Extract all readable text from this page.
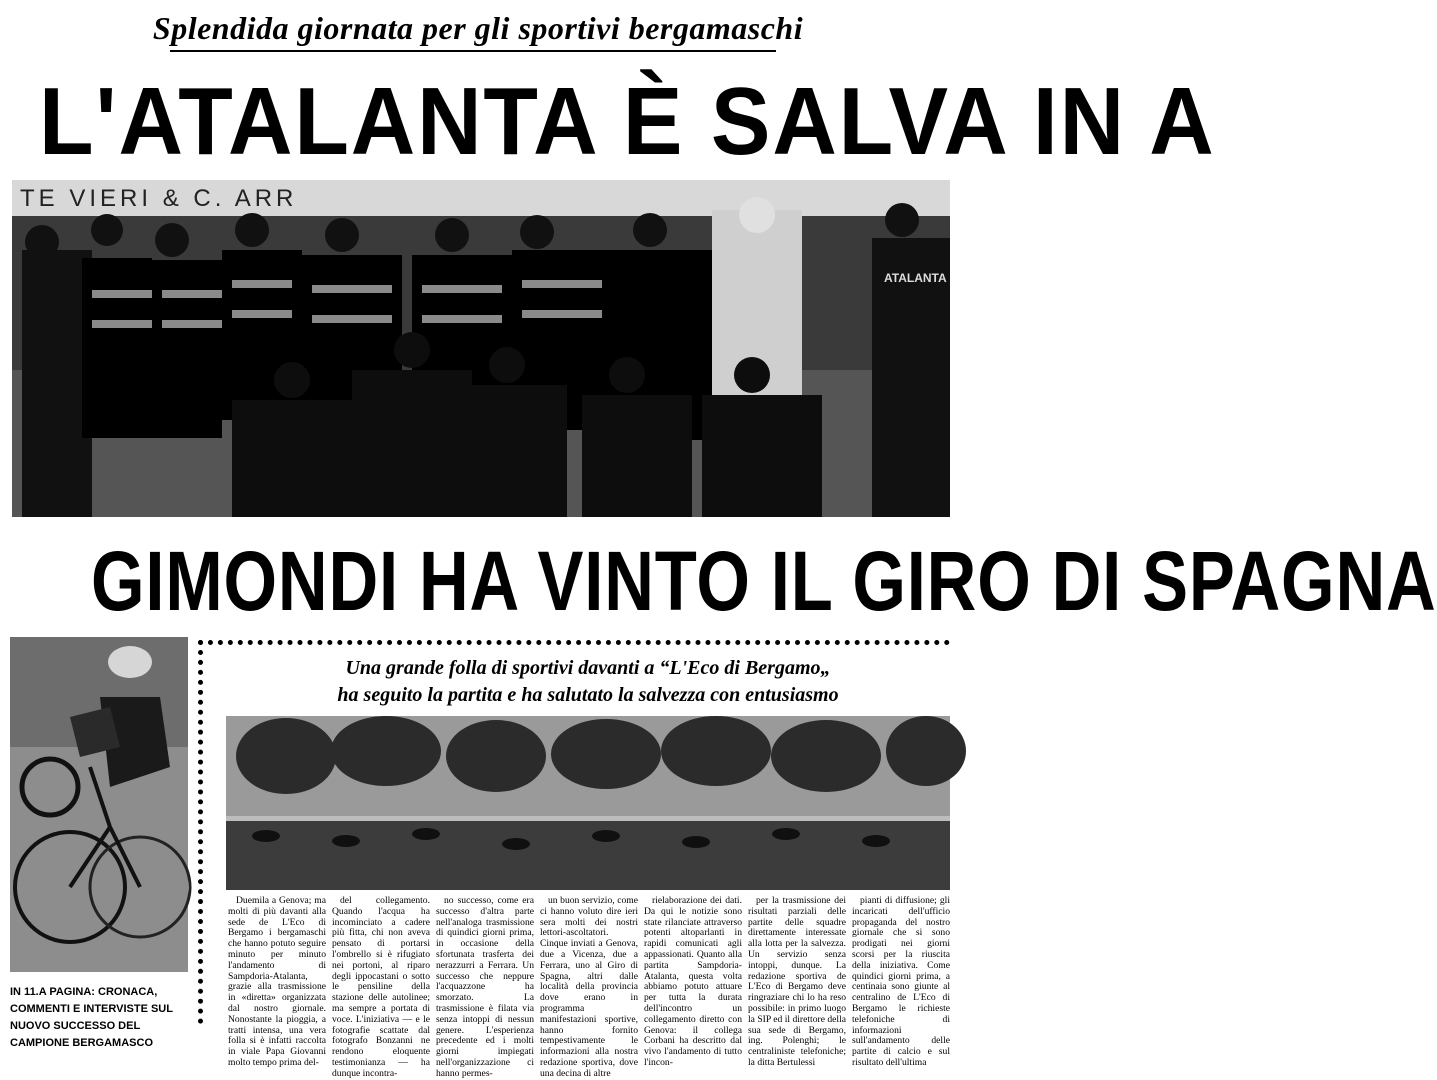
Splendida giornata per gli sportivi bergamaschi
L'ATALANTA È SALVA IN A
TE VIERI & C. ARR
ATALANTA
GIMONDI HA VINTO IL GIRO DI SPAGNA
IN 11.A PAGINA: CRONACA, COMMENTI E INTERVISTE SUL NUOVO SUCCESSO DEL CAMPIONE BERGAMASCO
Una grande folla di sportivi davanti a “L'Eco di Bergamo„
ha seguito la partita e ha salutato la salvezza con entusiasmo

Duemila a Genova; ma molti di più davanti alla sede de L'Eco di Bergamo i bergamaschi che hanno potuto seguire minuto per minuto l'andamento di Sampdoria-Atalanta, grazie alla trasmissione in «diretta» organizzata dal nostro giornale. Nonostante la pioggia, a tratti intensa, una vera folla si è infatti raccolta in viale Papa Giovanni molto tempo prima del-

del collegamento. Quando l'acqua ha incominciato a cadere più fitta, chi non aveva pensato di portarsi l'ombrello si è rifugiato nei portoni, al riparo degli ippocastani o sotto le pensiline della stazione delle autolinee; ma sempre a portata di voce. L'iniziativa — e le fotografie scattate dal fotografo Bonzanni ne rendono eloquente testimonianza — ha dunque incontra-

no successo, come era successo d'altra parte nell'analoga trasmissione di quindici giorni prima, in occasione della sfortunata trasferta dei nerazzurri a Ferrara. Un successo che neppure l'acquazzone ha smorzato. La trasmissione è filata via senza intoppi di nessun genere. L'esperienza precedente ed i molti giorni impiegati nell'organizzazione ci hanno permes-

un buon servizio, come ci hanno voluto dire ieri sera molti dei nostri lettori-ascoltatori. Cinque inviati a Genova, due a Vicenza, due a Ferrara, uno al Giro di Spagna, altri dalle località della provincia dove erano in programma manifestazioni sportive, hanno fornito tempestivamente le informazioni alla nostra redazione sportiva, dove una decina di altre

rielaborazione dei dati. Da qui le notizie sono state rilanciate attraverso potenti altoparlanti in rapidi comunicati agli appassionati. Quanto alla partita Sampdoria-Atalanta, questa volta abbiamo potuto attuare per tutta la durata dell'incontro un collegamento diretto con Genova: il collega Corbani ha descritto dal vivo l'andamento di tutto l'incon-

per la trasmissione dei risultati parziali delle partite delle squadre direttamente interessate alla lotta per la salvezza. Un servizio senza intoppi, dunque. La redazione sportiva de L'Eco di Bergamo deve ringraziare chi lo ha reso possibile: in primo luogo la SIP ed il direttore della sua sede di Bergamo, ing. Polenghi; le centraliniste telefoniche; la ditta Bertulessi

pianti di diffusione; gli incaricati dell'ufficio propaganda del nostro giornale che si sono prodigati nei giorni scorsi per la riuscita della iniziativa. Come quindici giorni prima, a centinaia sono giunte al centralino de L'Eco di Bergamo le richieste telefoniche di informazioni sull'andamento delle partite di calcio e sul risultato dell'ultima
